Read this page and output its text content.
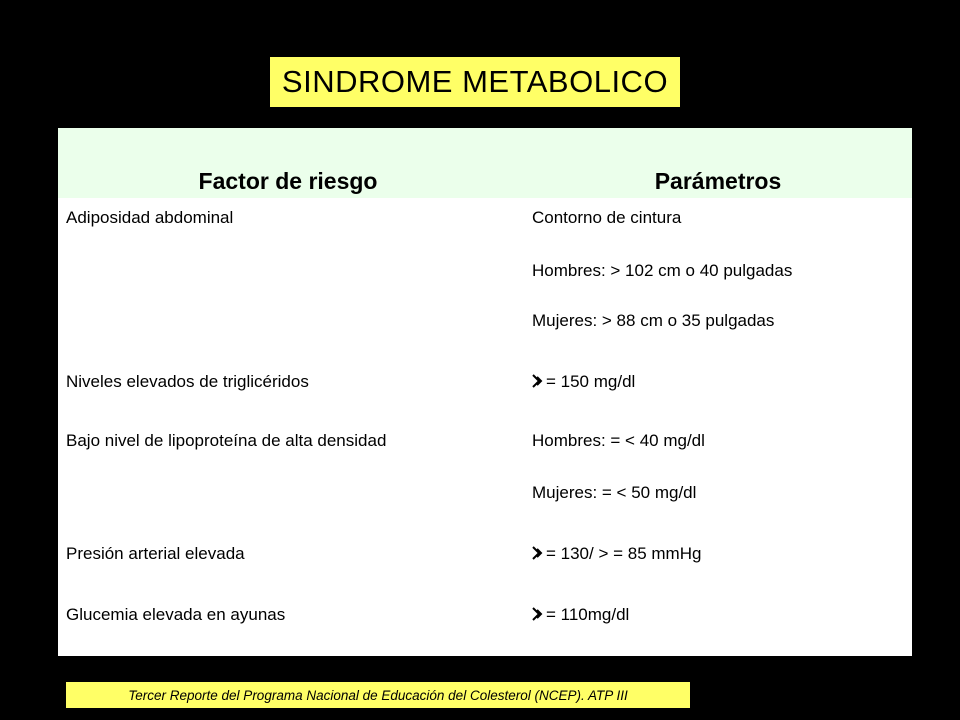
SINDROME METABOLICO
Factor de riesgo	Parámetros
Adiposidad abdominal	Contorno de cintura
Hombres: > 102 cm o 40 pulgadas
Mujeres: > 88 cm o 35 pulgadas
Niveles elevados de triglicéridos	= 150 mg/dl
Bajo nivel de lipoproteína de alta densidad	Hombres: = < 40 mg/dl
Mujeres: = < 50 mg/dl
Presión arterial elevada	= 130/ > = 85 mmHg
Glucemia elevada en ayunas	= 110mg/dl
Tercer Reporte del Programa Nacional de Educación del Colesterol (NCEP). ATP III
